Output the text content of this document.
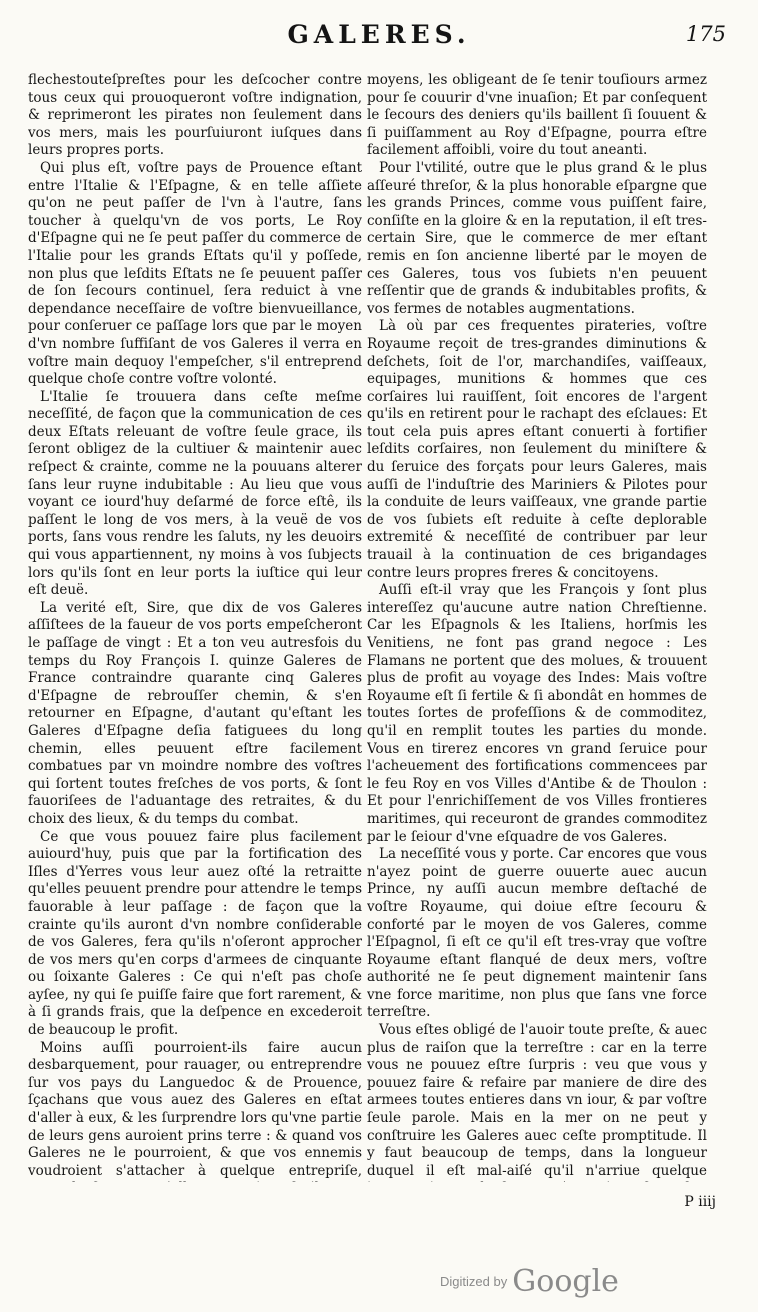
GALERES.	175

flechestouteſpreſtes pour les deſcocher contre tous ceux qui prouoqueront voſtre indignation, & reprimeront les pirates non ſeulement dans vos mers, mais les pourſuiuront iuſques dans leurs propres ports.

Qui plus eſt, voſtre pays de Prouence eſtant entre l'Italie & l'Eſpagne, & en telle aſſiete qu'on ne peut paſſer de l'vn à l'autre, ſans toucher à quelqu'vn de vos ports, Le Roy d'Eſpagne qui ne ſe peut paſſer du commerce de l'Italie pour les grands Eſtats qu'il y poſſede, non plus que leſdits Eſtats ne ſe peuuent paſſer de ſon ſecours continuel, ſera reduict à vne dependance neceſſaire de voſtre bienvueillance, pour conſeruer ce paſſage lors que par le moyen d'vn nombre ſuffiſant de vos Galeres il verra en voſtre main dequoy l'empeſcher, s'il entreprend quelque choſe contre voſtre volonté.

L'Italie ſe trouuera dans ceſte meſme neceſſité, de façon que la communication de ces deux Eſtats releuant de voſtre ſeule grace, ils ſeront obligez de la cultiuer & maintenir auec reſpect & crainte, comme ne la pouuans alterer ſans leur ruyne indubitable : Au lieu que vous voyant ce iourd'huy deſarmé de force eſtê, ils paſſent le long de vos mers, à la veuë de vos ports, ſans vous rendre les ſaluts, ny les deuoirs qui vous appartiennent, ny moins à vos ſubjects lors qu'ils ſont en leur ports la iuſtice qui leur eſt deuë.

La verité eſt, Sire, que dix de vos Galeres aſſiſtees de la faueur de vos ports empeſcheront le paſſage de vingt : Et a ton veu autresfois du temps du Roy François I. quinze Galeres de France contraindre quarante cinq Galeres d'Eſpagne de rebrouſſer chemin, & s'en retourner en Eſpagne, d'autant qu'eſtant les Galeres d'Eſpagne deſia fatiguees du long chemin, elles peuuent eſtre facilement combatues par vn moindre nombre des voſtres qui ſortent toutes freſches de vos ports, & ſont fauoriſees de l'aduantage des retraites, & du choix des lieux, & du temps du combat.

Ce que vous pouuez faire plus facilement auiourd'huy, puis que par la fortification des Iſles d'Yerres vous leur auez oſté la retraitte qu'elles peuuent prendre pour attendre le temps fauorable à leur paſſage : de façon que la crainte qu'ils auront d'vn nombre conſiderable de vos Galeres, fera qu'ils n'oſeront approcher de vos mers qu'en corps d'armees de cinquante ou ſoixante Galeres : Ce qui n'eſt pas choſe ayſee, ny qui ſe puiſſe faire que fort rarement, & à ſi grands frais, que la deſpence en excederoit de beaucoup le profit.

Moins auſſi pourroient-ils faire aucun desbarquement, pour rauager, ou entreprendre ſur vos pays du Languedoc & de Prouence, ſçachans que vous auez des Galeres en eſtat d'aller à eux, & les ſurprendre lors qu'vne partie de leurs gens auroient prins terre : & quand vos Galeres ne le pourroient, & que vos ennemis voudroient s'attacher à quelque entrepriſe,

moyens, les obligeant de ſe tenir touſiours armez pour ſe couurir d'vne inuaſion; Et par conſequent le ſecours des deniers qu'ils baillent ſi ſouuent & ſi puiſſamment au Roy d'Eſpagne, pourra eſtre facilement affoibli, voire du tout aneanti.

Pour l'vtilité, outre que le plus grand & le plus aſſeuré threſor, & la plus honorable eſpargne que les grands Princes, comme vous puiſſent faire, conſiſte en la gloire & en la reputation, il eſt tres-certain Sire, que le commerce de mer eſtant remis en ſon ancienne liberté par le moyen de ces Galeres, tous vos ſubiets n'en peuuent reſſentir que de grands & indubitables profits, & vos fermes de notables augmentations.

Là où par ces frequentes pirateries, voſtre Royaume reçoit de tres-grandes diminutions & deſchets, ſoit de l'or, marchandiſes, vaiſſeaux, equipages, munitions & hommes que ces corſaires lui rauiſſent, ſoit encores de l'argent qu'ils en retirent pour le rachapt des eſclaues: Et tout cela puis apres eſtant conuerti à fortifier leſdits corſaires, non ſeulement du miniſtere & du ſeruice des forçats pour leurs Galeres, mais auſſi de l'induſtrie des Mariniers & Pilotes pour la conduite de leurs vaiſſeaux, vne grande partie de vos ſubiets eſt reduite à ceſte deplorable extremité & neceſſité de contribuer par leur trauail à la continuation de ces brigandages contre leurs propres freres & concitoyens.

Auſſi eſt-il vray que les François y ſont plus intereſſez qu'aucune autre nation Chreſtienne. Car les Eſpagnols & les Italiens, horſmis les Venitiens, ne font pas grand negoce : Les Flamans ne portent que des molues, & trouuent plus de profit au voyage des Indes: Mais voſtre Royaume eſt ſi fertile & ſi abondât en hommes de toutes ſortes de profeſſions & de commoditez, qu'il en remplit toutes les parties du monde. Vous en tirerez encores vn grand ſeruice pour l'acheuement des fortifications commencees par le feu Roy en vos Villes d'Antibe & de Thoulon : Et pour l'enrichiſſement de vos Villes frontieres maritimes, qui receuront de grandes commoditez par le ſeiour d'vne eſquadre de vos Galeres.

La neceſſité vous y porte. Car encores que vous n'ayez point de guerre ouuerte auec aucun Prince, ny auſſi aucun membre deſtaché de voſtre Royaume, qui doiue eſtre ſecouru & conforté par le moyen de vos Galeres, comme l'Eſpagnol, ſi eſt ce qu'il eſt tres-vray que voſtre Royaume eſtant flanqué de deux mers, voſtre authorité ne ſe peut dignement maintenir ſans vne force maritime, non plus que ſans vne force terreſtre.

Vous eſtes obligé de l'auoir toute preſte, & auec plus de raiſon que la terreſtre : car en la terre vous ne pouuez eſtre ſurpris : veu que vous y pouuez faire & refaire par maniere de dire des armees toutes entieres dans vn iour, & par voſtre ſeule parole. Mais en la mer on ne peut y conſtruire les Galeres auec ceſte promptitude. Il y faut beaucoup de temps, dans la longueur duquel il eſt mal-aiſé qu'il n'arriue quelque

P iiij
Digitized by Google
